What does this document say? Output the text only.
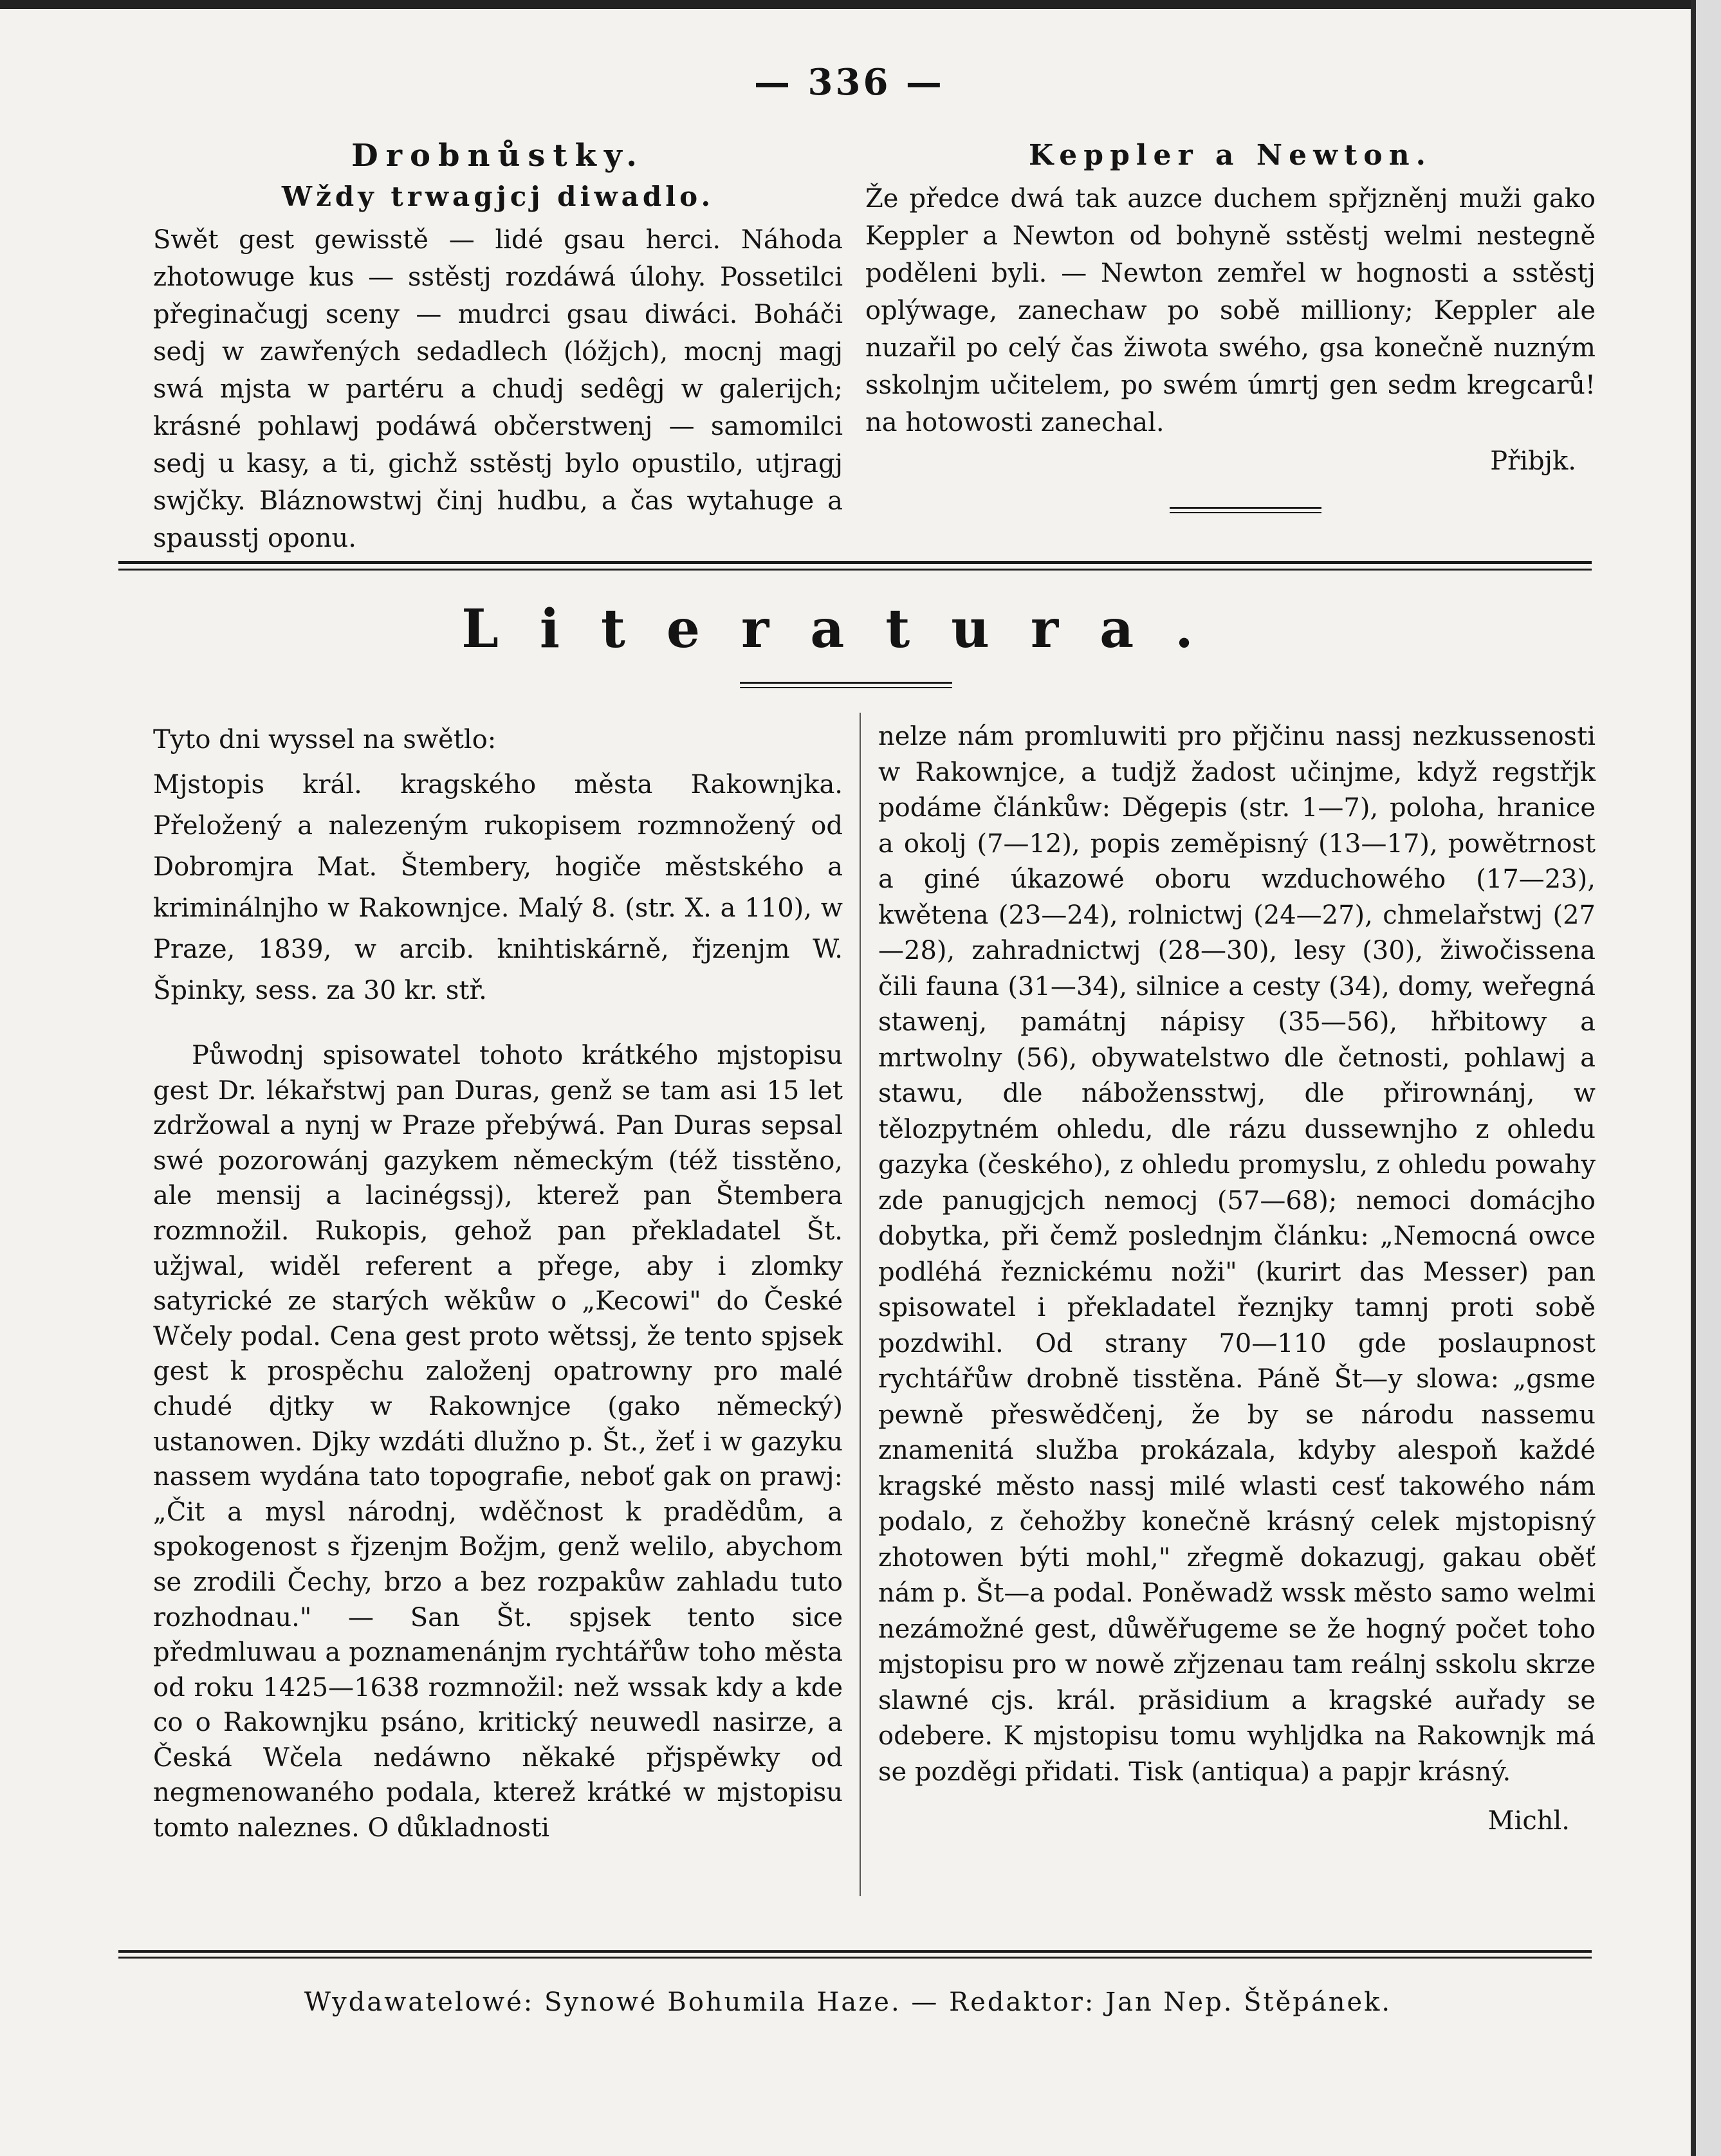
— 336 —
Drobnůstky.
Wždy trwagjcj diwadlo.

Swět gest gewisstě — lidé gsau herci. Náhoda zhotowuge kus — sstěstj rozdáwá úlohy. Possetilci přeginačugj sceny — mudrci gsau diwáci. Boháči sedj w zawřených sedadlech (lóžjch), mocnj magj swá mjsta w partéru a chudj sedêgj w galerijch; krásné pohlawj podáwá občerstwenj — samomilci sedj u kasy, a ti, gichž sstěstj bylo opustilo, utjragj swjčky. Bláznowstwj činj hudbu, a čas wytahuge a spausstj oponu.

Keppler a Newton.

Že předce dwá tak auzce duchem spřjzněnj muži gako Keppler a Newton od bohyně sstěstj welmi nestegně poděleni byli. — Newton zemřel w hognosti a sstěstj oplýwage, zanechaw po sobě milliony; Keppler ale nuzařil po celý čas žiwota swého, gsa konečně nuzným sskolnjm učitelem, po swém úmrtj gen sedm kregcarů! na hotowosti zanechal.

Přibjk.
Literatura.
Tyto dni wyssel na swětlo:

Mjstopis král. kragského města Rakownjka. Přeložený a nalezeným rukopisem rozmnožený od Dobromjra Mat. Štembery, hogiče městského a kriminálnjho w Rakownjce. Malý 8. (str. X. a 110), w Praze, 1839, w arcib. knihtiskárně, řjzenjm W. Špinky, sess. za 30 kr. stř.

Půwodnj spisowatel tohoto krátkého mjstopisu gest Dr. lékařstwj pan Duras, genž se tam asi 15 let zdržowal a nynj w Praze přebýwá. Pan Duras sepsal swé pozorowánj gazykem německým (též tisstěno, ale mensij a lacinégssj), kterež pan Štembera rozmnožil. Rukopis, gehož pan překladatel Št. užjwal, widěl referent a přege, aby i zlomky satyrické ze starých wěkůw o „Kecowi" do České Wčely podal. Cena gest proto wětssj, že tento spjsek gest k prospěchu založenj opatrowny pro malé chudé djtky w Rakownjce (gako německý) ustanowen. Djky wzdáti dlužno p. Št., žeť i w gazyku nassem wydána tato topografie, neboť gak on prawj: „Čit a mysl národnj, wděčnost k pradědům, a spokogenost s řjzenjm Božjm, genž welilo, abychom se zrodili Čechy, brzo a bez rozpakůw zahladu tuto rozhodnau." — San Št. spjsek tento sice předmluwau a poznamenánjm rychtářůw toho města od roku 1425—1638 rozmnožil: než wssak kdy a kde co o Rakownjku psáno, kritický neuwedl nasirze, a Česká Wčela nedáwno někaké přjspěwky od negmenowaného podala, kterež krátké w mjstopisu tomto naleznes. O důkladnosti

nelze nám promluwiti pro přjčinu nassj nezkussenosti w Rakownjce, a tudjž žadost učinjme, když regstřjk podáme článkůw: Děgepis (str. 1—7), poloha, hranice a okolj (7—12), popis zeměpisný (13—17), powětrnost a giné úkazowé oboru wzduchowého (17—23), kwětena (23—24), rolnictwj (24—27), chmelařstwj (27—28), zahradnictwj (28—30), lesy (30), žiwočissena čili fauna (31—34), silnice a cesty (34), domy, weřegná stawenj, památnj nápisy (35—56), hřbitowy a mrtwolny (56), obywatelstwo dle četnosti, pohlawj a stawu, dle nábožensstwj, dle přirownánj, w tělozpytném ohledu, dle rázu dussewnjho z ohledu gazyka (českého), z ohledu promyslu, z ohledu powahy zde panugjcjch nemocj (57—68); nemoci domácjho dobytka, při čemž poslednjm článku: „Nemocná owce podléhá řeznickému noži" (kurirt das Messer) pan spisowatel i překladatel řeznjky tamnj proti sobě pozdwihl. Od strany 70—110 gde poslaupnost rychtářůw drobně tisstěna. Páně Št—y slowa: „gsme pewně přeswědčenj, že by se národu nassemu znamenitá služba prokázala, kdyby alespoň každé kragské město nassj milé wlasti cesť takowého nám podalo, z čehožby konečně krásný celek mjstopisný zhotowen býti mohl," zřegmě dokazugj, gakau oběť nám p. Št—a podal. Poněwadž wssk město samo welmi nezámožné gest, důwěřugeme se že hogný počet toho mjstopisu pro w nowě zřjzenau tam reálnj sskolu skrze slawné cjs. král. prăsidium a kragské auřady se odebere. K mjstopisu tomu wyhljdka na Rakownjk má se pozděgi přidati. Tisk (antiqua) a papjr krásný.

Michl.
Wydawatelowé: Synowé Bohumila Haze. — Redaktor: Jan Nep. Štěpánek.
